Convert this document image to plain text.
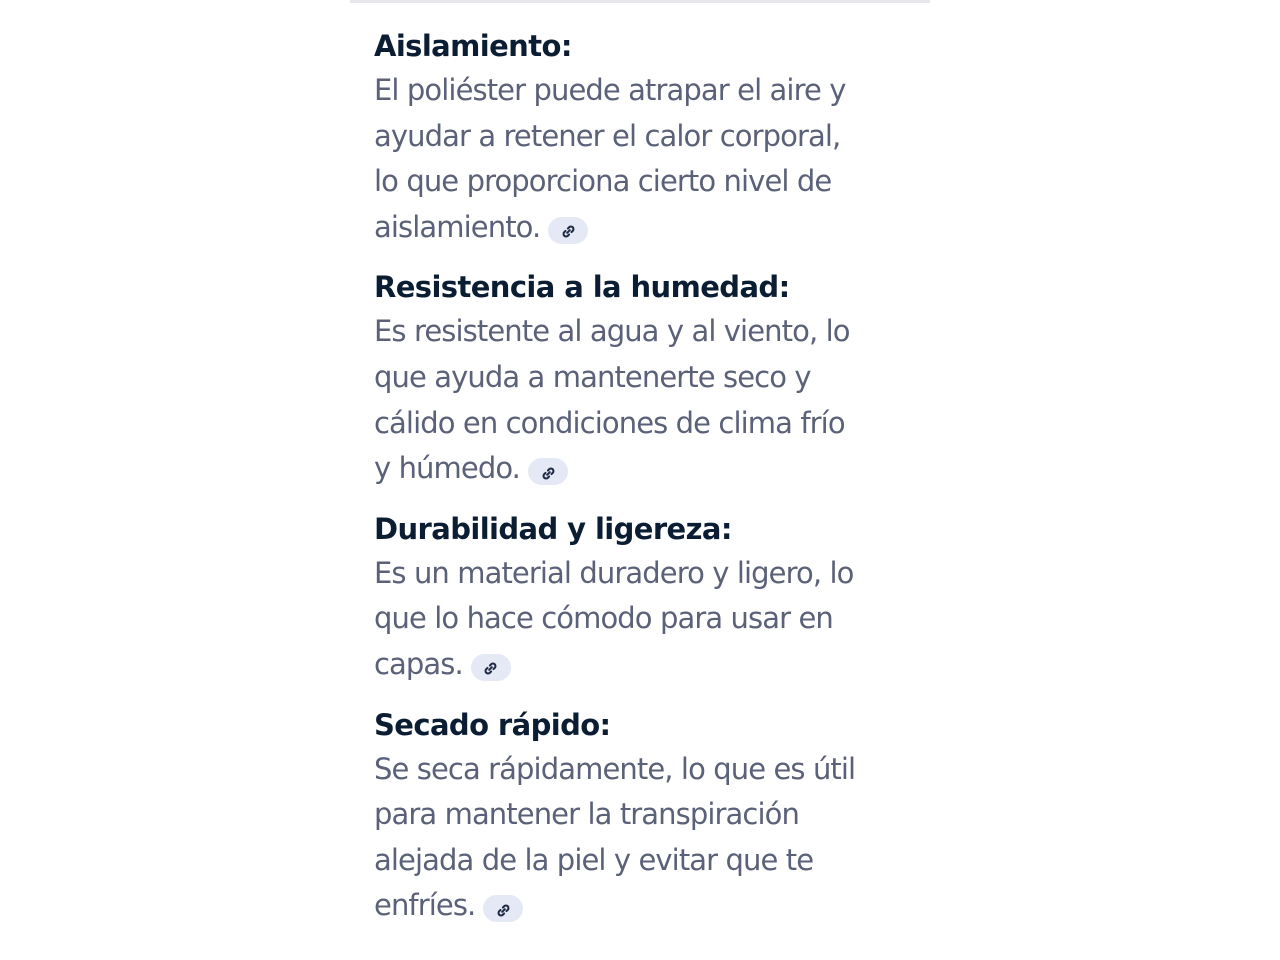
Aislamiento:
El poliéster puede atrapar el aire y
ayudar a retener el calor corporal,
lo que proporciona cierto nivel de
aislamiento.
Resistencia a la humedad:
Es resistente al agua y al viento, lo
que ayuda a mantenerte seco y
cálido en condiciones de clima frío
y húmedo.
Durabilidad y ligereza:
Es un material duradero y ligero, lo
que lo hace cómodo para usar en
capas.
Secado rápido:
Se seca rápidamente, lo que es útil
para mantener la transpiración
alejada de la piel y evitar que te
enfríes.
